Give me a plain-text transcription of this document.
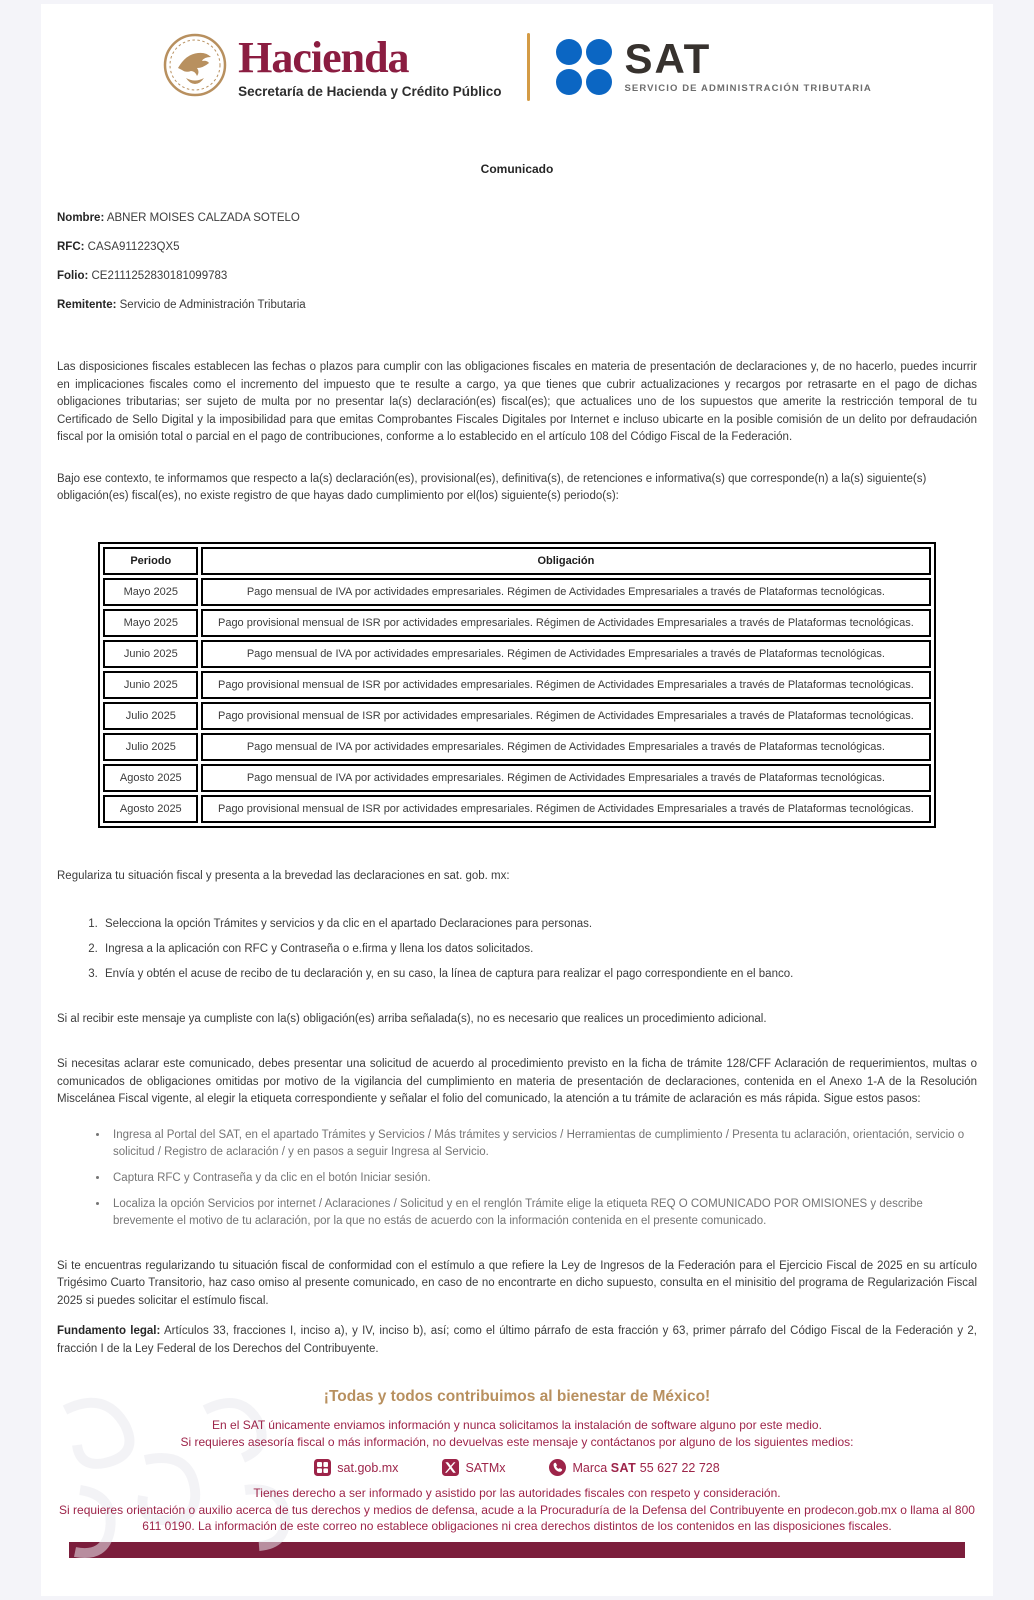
Hacienda
Secretaría de Hacienda y Crédito Público
SAT
SERVICIO DE ADMINISTRACIÓN TRIBUTARIA
Comunicado
Nombre: ABNER MOISES CALZADA SOTELO
RFC: CASA911223QX5
Folio: CE2111252830181099783
Remitente: Servicio de Administración Tributaria

Las disposiciones fiscales establecen las fechas o plazos para cumplir con las obligaciones fiscales en materia de presentación de declaraciones y, de no hacerlo, puedes incurrir en implicaciones fiscales como el incremento del impuesto que te resulte a cargo, ya que tienes que cubrir actualizaciones y recargos por retrasarte en el pago de dichas obligaciones tributarias; ser sujeto de multa por no presentar la(s) declaración(es) fiscal(es); que actualices uno de los supuestos que amerite la restricción temporal de tu Certificado de Sello Digital y la imposibilidad para que emitas Comprobantes Fiscales Digitales por Internet e incluso ubicarte en la posible comisión de un delito por defraudación fiscal por la omisión total o parcial en el pago de contribuciones, conforme a lo establecido en el artículo 108 del Código Fiscal de la Federación.

Bajo ese contexto, te informamos que respecto a la(s) declaración(es), provisional(es), definitiva(s), de retenciones e informativa(s) que corresponde(n) a la(s) siguiente(s) obligación(es) fiscal(es), no existe registro de que hayas dado cumplimiento por el(los) siguiente(s) periodo(s):

Periodo	Obligación
Mayo 2025	Pago mensual de IVA por actividades empresariales. Régimen de Actividades Empresariales a través de Plataformas tecnológicas.
Mayo 2025	Pago provisional mensual de ISR por actividades empresariales. Régimen de Actividades Empresariales a través de Plataformas tecnológicas.
Junio 2025	Pago mensual de IVA por actividades empresariales. Régimen de Actividades Empresariales a través de Plataformas tecnológicas.
Junio 2025	Pago provisional mensual de ISR por actividades empresariales. Régimen de Actividades Empresariales a través de Plataformas tecnológicas.
Julio 2025	Pago provisional mensual de ISR por actividades empresariales. Régimen de Actividades Empresariales a través de Plataformas tecnológicas.
Julio 2025	Pago mensual de IVA por actividades empresariales. Régimen de Actividades Empresariales a través de Plataformas tecnológicas.
Agosto 2025	Pago mensual de IVA por actividades empresariales. Régimen de Actividades Empresariales a través de Plataformas tecnológicas.
Agosto 2025	Pago provisional mensual de ISR por actividades empresariales. Régimen de Actividades Empresariales a través de Plataformas tecnológicas.

Regulariza tu situación fiscal y presenta a la brevedad las declaraciones en sat. gob. mx:

1. Selecciona la opción Trámites y servicios y da clic en el apartado Declaraciones para personas.
2. Ingresa a la aplicación con RFC y Contraseña o e.firma y llena los datos solicitados.
3. Envía y obtén el acuse de recibo de tu declaración y, en su caso, la línea de captura para realizar el pago correspondiente en el banco.

Si al recibir este mensaje ya cumpliste con la(s) obligación(es) arriba señalada(s), no es necesario que realices un procedimiento adicional.

Si necesitas aclarar este comunicado, debes presentar una solicitud de acuerdo al procedimiento previsto en la ficha de trámite 128/CFF Aclaración de requerimientos, multas o comunicados de obligaciones omitidas por motivo de la vigilancia del cumplimiento en materia de presentación de declaraciones, contenida en el Anexo 1-A de la Resolución Miscelánea Fiscal vigente, al elegir la etiqueta correspondiente y señalar el folio del comunicado, la atención a tu trámite de aclaración es más rápida. Sigue estos pasos:

• Ingresa al Portal del SAT, en el apartado Trámites y Servicios / Más trámites y servicios / Herramientas de cumplimiento / Presenta tu aclaración, orientación, servicio o solicitud / Registro de aclaración / y en pasos a seguir Ingresa al Servicio.
• Captura RFC y Contraseña y da clic en el botón Iniciar sesión.
• Localiza la opción Servicios por internet / Aclaraciones / Solicitud y en el renglón Trámite elige la etiqueta REQ O COMUNICADO POR OMISIONES y describe brevemente el motivo de tu aclaración, por la que no estás de acuerdo con la información contenida en el presente comunicado.

Si te encuentras regularizando tu situación fiscal de conformidad con el estímulo a que refiere la Ley de Ingresos de la Federación para el Ejercicio Fiscal de 2025 en su artículo Trigésimo Cuarto Transitorio, haz caso omiso al presente comunicado, en caso de no encontrarte en dicho supuesto, consulta en el minisitio del programa de Regularización Fiscal 2025 si puedes solicitar el estímulo fiscal.

Fundamento legal: Artículos 33, fracciones I, inciso a), y IV, inciso b), así; como el último párrafo de esta fracción y 63, primer párrafo del Código Fiscal de la Federación y 2, fracción I de la Ley Federal de los Derechos del Contribuyente.

¡Todas y todos contribuimos al bienestar de México!
En el SAT únicamente enviamos información y nunca solicitamos la instalación de software alguno por este medio.
Si requieres asesoría fiscal o más información, no devuelvas este mensaje y contáctanos por alguno de los siguientes medios:
sat.gob.mx	SATMx	Marca SAT 55 627 22 728
Tienes derecho a ser informado y asistido por las autoridades fiscales con respeto y consideración.
Si requieres orientación o auxilio acerca de tus derechos y medios de defensa, acude a la Procuraduría de la Defensa del Contribuyente en prodecon.gob.mx o llama al 800 611 0190. La información de este correo no establece obligaciones ni crea derechos distintos de los contenidos en las disposiciones fiscales.
